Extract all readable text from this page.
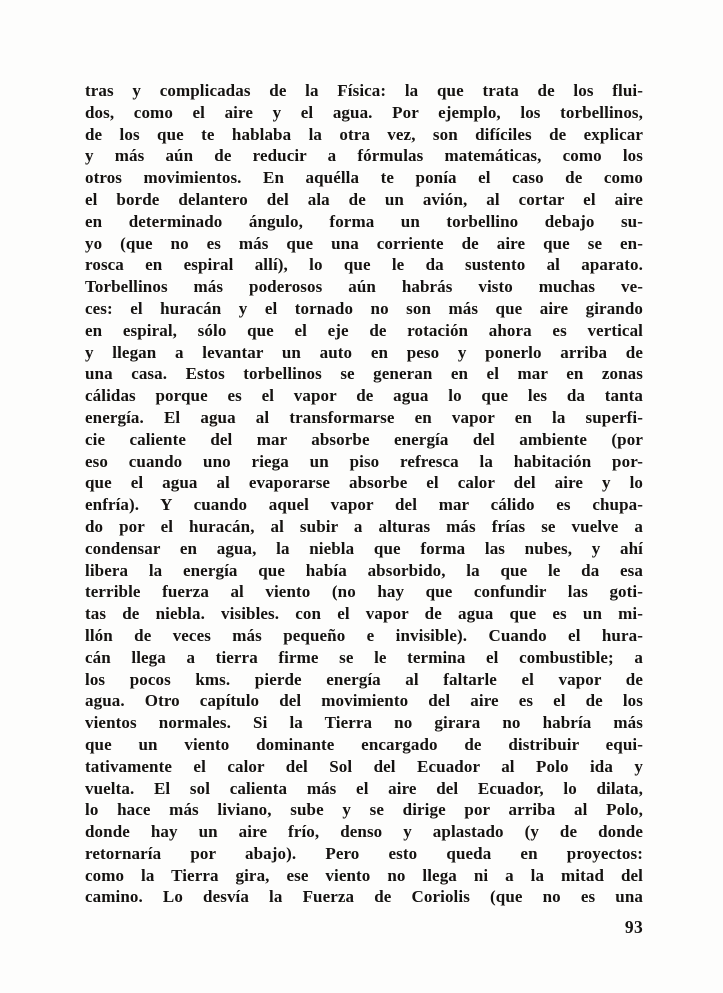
tras y complicadas de la Física: la que trata de los flui-
dos, como el aire y el agua. Por ejemplo, los torbellinos,
de los que te hablaba la otra vez, son difíciles de explicar
y más aún de reducir a fórmulas matemáticas, como los
otros movimientos. En aquélla te ponía el caso de como
el borde delantero del ala de un avión, al cortar el aire
en determinado ángulo, forma un torbellino debajo su-
yo (que no es más que una corriente de aire que se en-
rosca en espiral allí), lo que le da sustento al aparato.
Torbellinos más poderosos aún habrás visto muchas ve-
ces: el huracán y el tornado no son más que aire girando
en espiral, sólo que el eje de rotación ahora es vertical
y llegan a levantar un auto en peso y ponerlo arriba de
una casa. Estos torbellinos se generan en el mar en zonas
cálidas porque es el vapor de agua lo que les da tanta
energía. El agua al transformarse en vapor en la superfi-
cie caliente del mar absorbe energía del ambiente (por
eso cuando uno riega un piso refresca la habitación por-
que el agua al evaporarse absorbe el calor del aire y lo
enfría). Y cuando aquel vapor del mar cálido es chupa-
do por el huracán, al subir a alturas más frías se vuelve a
condensar en agua, la niebla que forma las nubes, y ahí
libera la energía que había absorbido, la que le da esa
terrible fuerza al viento (no hay que confundir las goti-
tas de niebla. visibles. con el vapor de agua que es un mi-
llón de veces más pequeño e invisible). Cuando el hura-
cán llega a tierra firme se le termina el combustible; a
los pocos kms. pierde energía al faltarle el vapor de
agua. Otro capítulo del movimiento del aire es el de los
vientos normales. Si la Tierra no girara no habría más
que un viento dominante encargado de distribuir equi-
tativamente el calor del Sol del Ecuador al Polo ida y
vuelta. El sol calienta más el aire del Ecuador, lo dilata,
lo hace más liviano, sube y se dirige por arriba al Polo,
donde hay un aire frío, denso y aplastado (y de donde
retornaría por abajo). Pero esto queda en proyectos:
como la Tierra gira, ese viento no llega ni a la mitad del
camino. Lo desvía la Fuerza de Coriolis (que no es una
93
